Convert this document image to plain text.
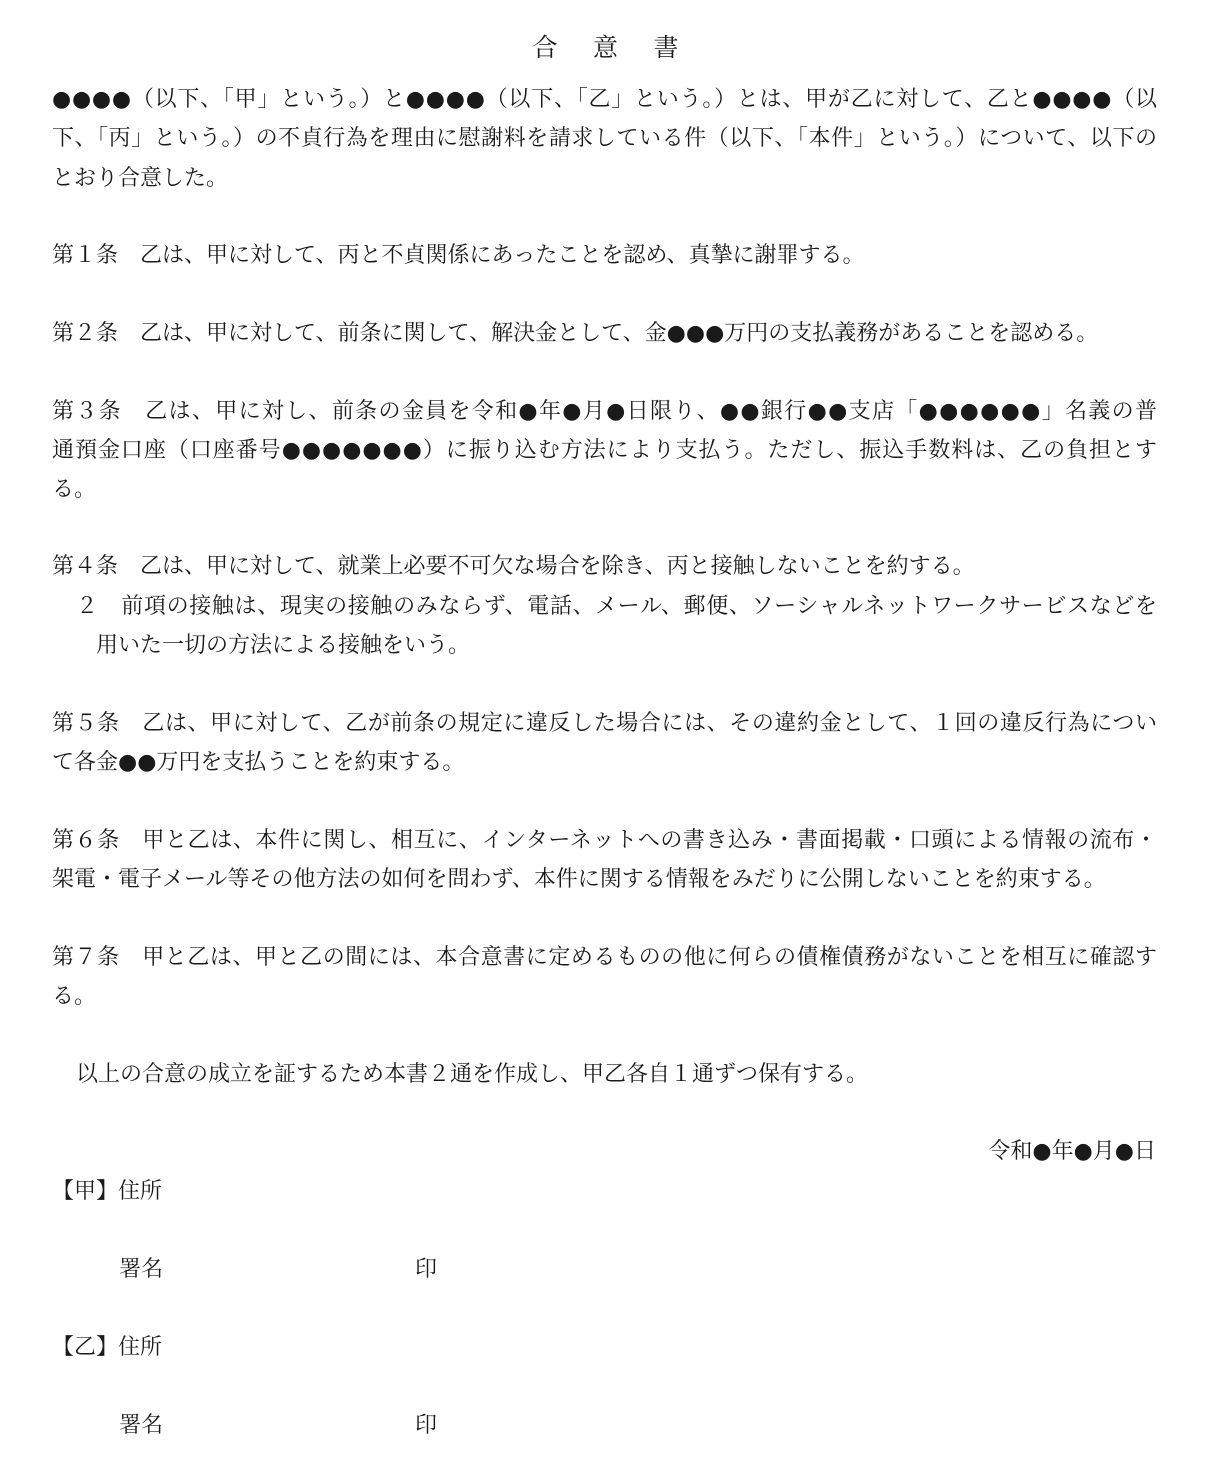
合 意 書
●●●●（以下、「甲」という。）と●●●●（以下、「乙」という。）とは、甲が乙に対して、乙と●●●●（以
下、「丙」という。）の不貞行為を理由に慰謝料を請求している件（以下、「本件」という。）について、以下の
とおり合意した。
第１条　乙は、甲に対して、丙と不貞関係にあったことを認め、真摯に謝罪する。
第２条　乙は、甲に対して、前条に関して、解決金として、金●●●万円の支払義務があることを認める。
第３条　乙は、甲に対し、前条の金員を令和●年●月●日限り、●●銀行●●支店「●●●●●●」名義の普
通預金口座（口座番号●●●●●●●）に振り込む方法により支払う。ただし、振込手数料は、乙の負担とす
る。
第４条　乙は、甲に対して、就業上必要不可欠な場合を除き、丙と接触しないことを約する。
２　前項の接触は、現実の接触のみならず、電話、メール、郵便、ソーシャルネットワークサービスなどを
用いた一切の方法による接触をいう。
第５条　乙は、甲に対して、乙が前条の規定に違反した場合には、その違約金として、１回の違反行為につい
て各金●●万円を支払うことを約束する。
第６条　甲と乙は、本件に関し、相互に、インターネットへの書き込み・書面掲載・口頭による情報の流布・
架電・電子メール等その他方法の如何を問わず、本件に関する情報をみだりに公開しないことを約束する。
第７条　甲と乙は、甲と乙の間には、本合意書に定めるものの他に何らの債権債務がないことを相互に確認す
る。
以上の合意の成立を証するため本書２通を作成し、甲乙各自１通ずつ保有する。
令和●年●月●日
【甲】住所
署名	印
【乙】住所
署名	印
